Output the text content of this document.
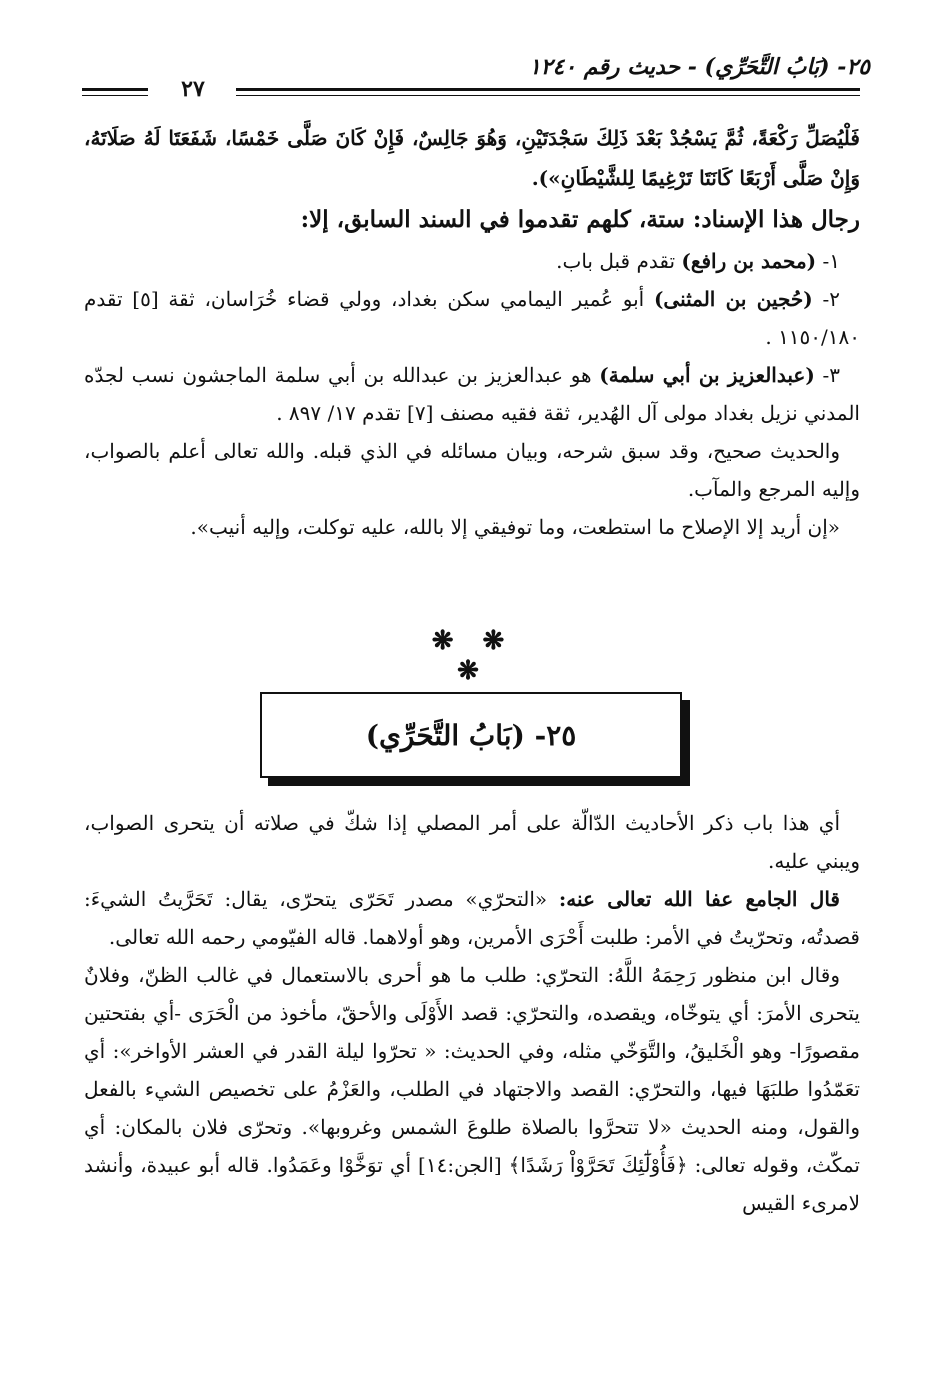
٢٥- (بَابُ التَّحَرِّي) - حديث رقم ١٢٤٠
٢٧

فَلْيُصَلِّ رَكْعَةً، ثُمَّ يَسْجُدْ بَعْدَ ذَلِكَ سَجْدَتَيْنِ، وَهُوَ جَالِسٌ، فَإِنْ كَانَ صَلَّى خَمْسًا، شَفَعَتَا لَهُ صَلَاتَهُ، وَإِنْ صَلَّى أَرْبَعًا كَانَتَا تَرْغِيمًا لِلشَّيْطَانِ»).

رجال هذا الإسناد: ستة، كلهم تقدموا في السند السابق، إلا:

١- (محمد بن رافع) تقدم قبل باب.

٢- (حُجين بن المثنى) أبو عُمير اليمامي سكن بغداد، وولي قضاء خُرَاسان، ثقة [٥] تقدم ١١٥٠/١٨٠ .

٣- (عبدالعزيز بن أبي سلمة) هو عبدالعزيز بن عبدالله بن أبي سلمة الماجشون نسب لجدّه المدني نزيل بغداد مولى آل الهُدير، ثقة فقيه مصنف [٧] تقدم ١٧/ ٨٩٧ .

والحديث صحيح، وقد سبق شرحه، وبيان مسائله في الذي قبله. والله تعالى أعلم بالصواب، وإليه المرجع والمآب.

«إن أريد إلا الإصلاح ما استطعت، وما توفيقي إلا بالله، عليه توكلت، وإليه أنيب».

❋ ❋ ❋
٢٥- (بَابُ التَّحَرِّي)

أي هذا باب ذكر الأحاديث الدّالّة على أمر المصلي إذا شكّ في صلاته أن يتحرى الصواب، ويبني عليه.

قال الجامع عفا الله تعالى عنه: «التحرّي» مصدر تَحَرّى يتحرّى، يقال: تَحَرَّيتُ الشيءَ: قصدتُه، وتحرّيتُ في الأمر: طلبت أَحْرَى الأمرين، وهو أولاهما. قاله الفيّومي رحمه الله تعالى.

وقال ابن منظور رَحِمَهُ اللَّهُ: التحرّي: طلب ما هو أحرى بالاستعمال في غالب الظنّ، وفلانٌ يتحرى الأمرَ: أي يتوخّاه، ويقصده، والتحرّي: قصد الأَوْلَى والأحقّ، مأخوذ من الْحَرَى -أي بفتحتين مقصورًا- وهو الْخَليقُ، والتَّوَخّي مثله، وفي الحديث: « تحرّوا ليلة القدر في العشر الأواخر»: أي تعَمّدُوا طلبَهَا فيها، والتحرّي: القصد والاجتهاد في الطلب، والعَزْمُ على تخصيص الشيء بالفعل والقول، ومنه الحديث «لا تتحرَّوا بالصلاة طلوعَ الشمس وغروبها». وتحرّى فلان بالمكان: أي تمكّث، وقوله تعالى: ﴿فَأُوْلَٰٓئِكَ تَحَرَّوْاْ رَشَدًا﴾ [الجن:١٤] أي توَخَّوْا وعَمَدُوا. قاله أبو عبيدة، وأنشد لامرىء القيس
